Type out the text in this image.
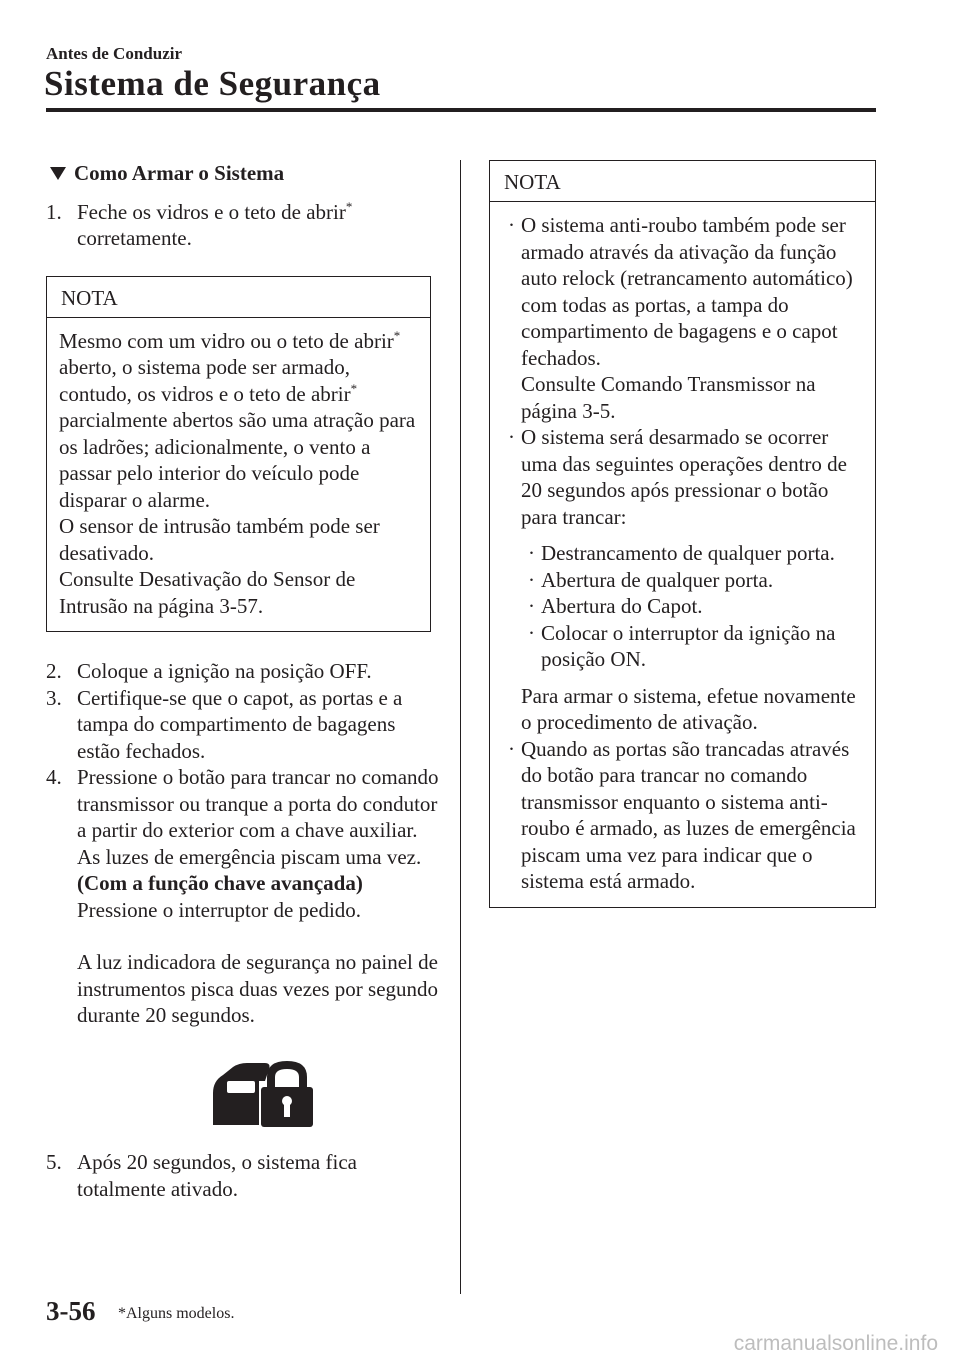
Antes de Conduzir
Sistema de Segurança
Como Armar o Sistema
1. Feche os vidros e o teto de abrir* corretamente.
NOTA
Mesmo com um vidro ou o teto de abrir* aberto, o sistema pode ser armado, contudo, os vidros e o teto de abrir* parcialmente abertos são uma atração para os ladrões; adicionalmente, o vento a passar pelo interior do veículo pode disparar o alarme.
O sensor de intrusão também pode ser desativado.
Consulte Desativação do Sensor de Intrusão na página 3-57.
2. Coloque a ignição na posição OFF.
3. Certifique-se que o capot, as portas e a tampa do compartimento de bagagens estão fechados.
4. Pressione o botão para trancar no comando transmissor ou tranque a porta do condutor a partir do exterior com a chave auxiliar.
As luzes de emergência piscam uma vez.
(Com a função chave avançada)
Pressione o interruptor de pedido.
A luz indicadora de segurança no painel de instrumentos pisca duas vezes por segundo durante 20 segundos.
5. Após 20 segundos, o sistema fica totalmente ativado.
NOTA
· O sistema anti-roubo também pode ser armado através da ativação da função auto relock (retrancamento automático) com todas as portas, a tampa do compartimento de bagagens e o capot fechados.
Consulte Comando Transmissor na página 3-5.
· O sistema será desarmado se ocorrer uma das seguintes operações dentro de 20 segundos após pressionar o botão para trancar:
· Destrancamento de qualquer porta.
· Abertura de qualquer porta.
· Abertura do Capot.
· Colocar o interruptor da ignição na posição ON.
Para armar o sistema, efetue novamente o procedimento de ativação.
· Quando as portas são trancadas através do botão para trancar no comando transmissor enquanto o sistema anti-roubo é armado, as luzes de emergência piscam uma vez para indicar que o sistema está armado.
3-56 *Alguns modelos.
carmanualsonline.info
